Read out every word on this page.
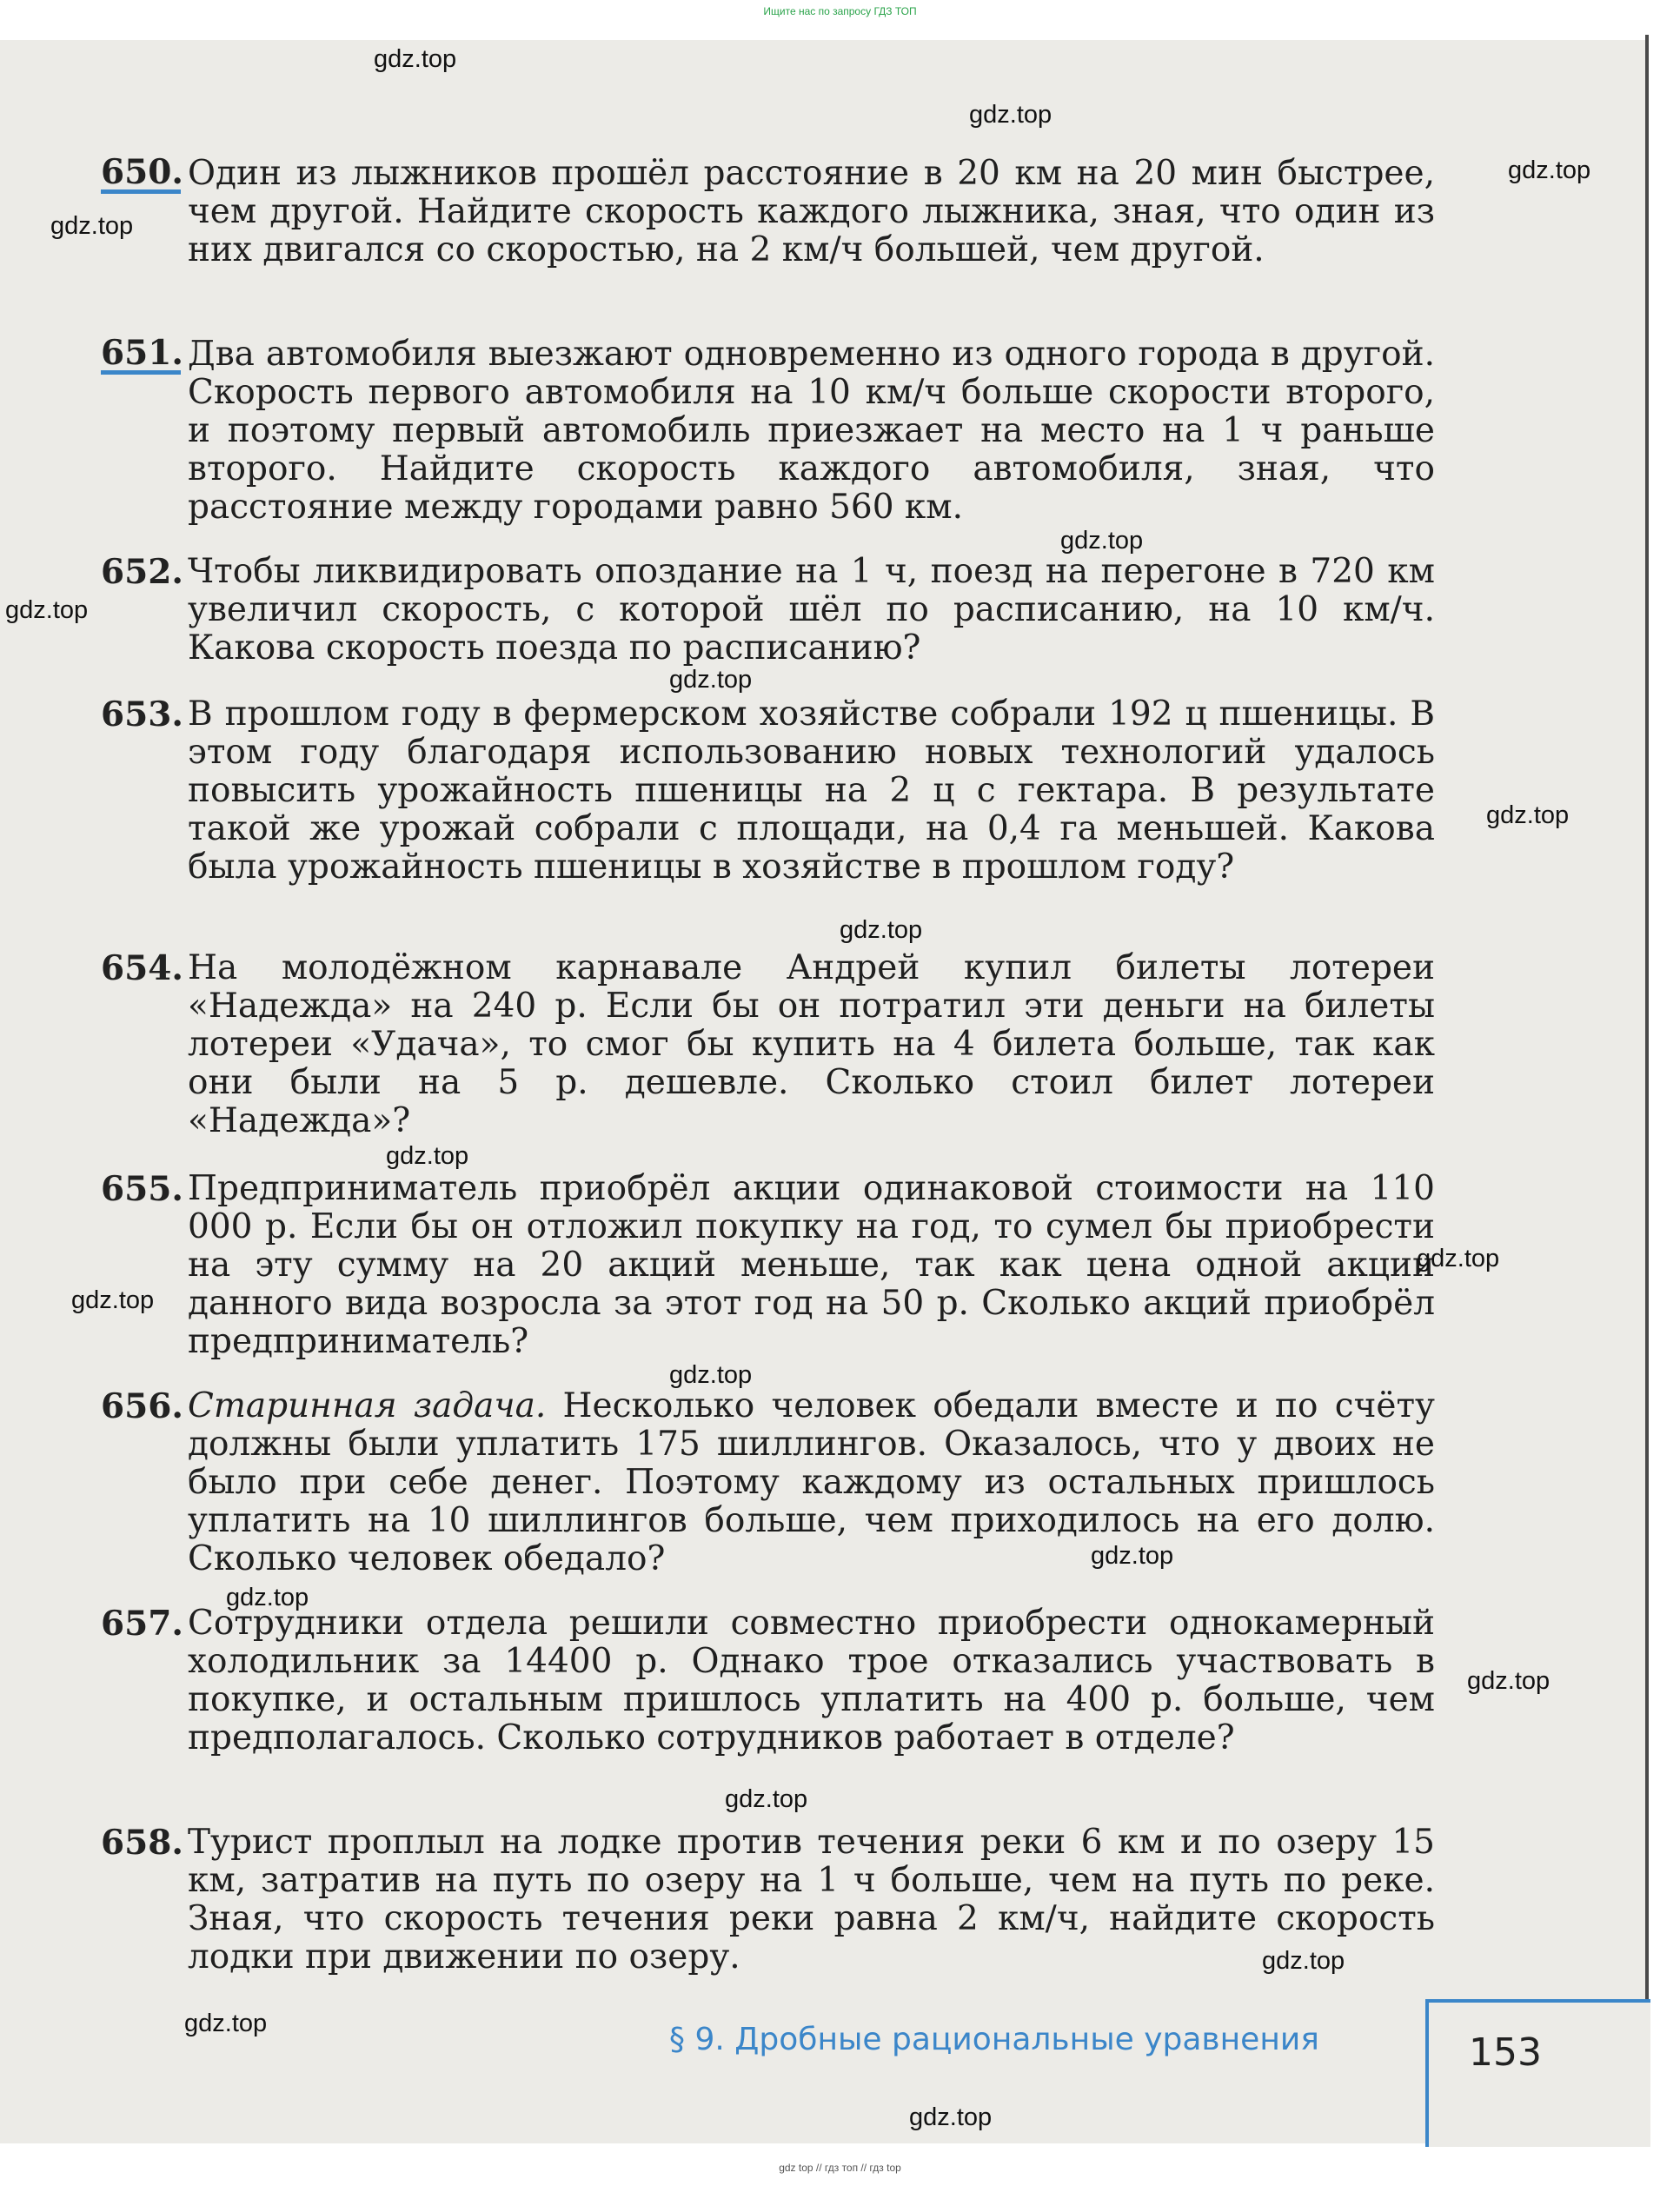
Ищите нас по запросу ГДЗ ТОП
650. Один из лыжников прошёл расстояние в 20 км на 20 мин быстрее, чем другой. Найдите скорость каждого лыжника, зная, что один из них двигался со скоростью, на 2 км/ч большей, чем другой.
651. Два автомобиля выезжают одновременно из одного города в другой. Скорость первого автомобиля на 10 км/ч больше скорости второго, и поэтому первый автомобиль приезжает на место на 1 ч раньше второго. Найдите скорость каждого автомобиля, зная, что расстояние между городами равно 560 км.
652. Чтобы ликвидировать опоздание на 1 ч, поезд на перегоне в 720 км увеличил скорость, с которой шёл по расписанию, на 10 км/ч. Какова скорость поезда по расписанию?
653. В прошлом году в фермерском хозяйстве собрали 192 ц пшеницы. В этом году благодаря использованию новых технологий удалось повысить урожайность пшеницы на 2 ц с гектара. В результате такой же урожай собрали с площади, на 0,4 га меньшей. Какова была урожайность пшеницы в хозяйстве в прошлом году?
654. На молодёжном карнавале Андрей купил билеты лотереи «Надежда» на 240 р. Если бы он потратил эти деньги на билеты лотереи «Удача», то смог бы купить на 4 билета больше, так как они были на 5 р. дешевле. Сколько стоил билет лотереи «Надежда»?
655. Предприниматель приобрёл акции одинаковой стоимости на 110 000 р. Если бы он отложил покупку на год, то сумел бы приобрести на эту сумму на 20 акций меньше, так как цена одной акции данного вида возросла за этот год на 50 р. Сколько акций приобрёл предприниматель?
656. Старинная задача. Несколько человек обедали вместе и по счёту должны были уплатить 175 шиллингов. Оказалось, что у двоих не было при себе денег. Поэтому каждому из остальных пришлось уплатить на 10 шиллингов больше, чем приходилось на его долю. Сколько человек обедало?
657. Сотрудники отдела решили совместно приобрести однокамерный холодильник за 14400 р. Однако трое отказались участвовать в покупке, и остальным пришлось уплатить на 400 р. больше, чем предполагалось. Сколько сотрудников работает в отделе?
658. Турист проплыл на лодке против течения реки 6 км и по озеру 15 км, затратив на путь по озеру на 1 ч больше, чем на путь по реке. Зная, что скорость течения реки равна 2 км/ч, найдите скорость лодки при движении по озеру.
gdz.top
gdz.top
gdz.top
gdz.top
gdz.top
gdz.top
gdz.top
gdz.top
gdz.top
gdz.top
gdz.top
gdz.top
gdz.top
gdz.top
gdz.top
gdz.top
gdz.top
gdz.top
gdz.top
gdz.top
§ 9. Дробные рациональные уравнения	153
gdz top // гдз топ // гдз top
